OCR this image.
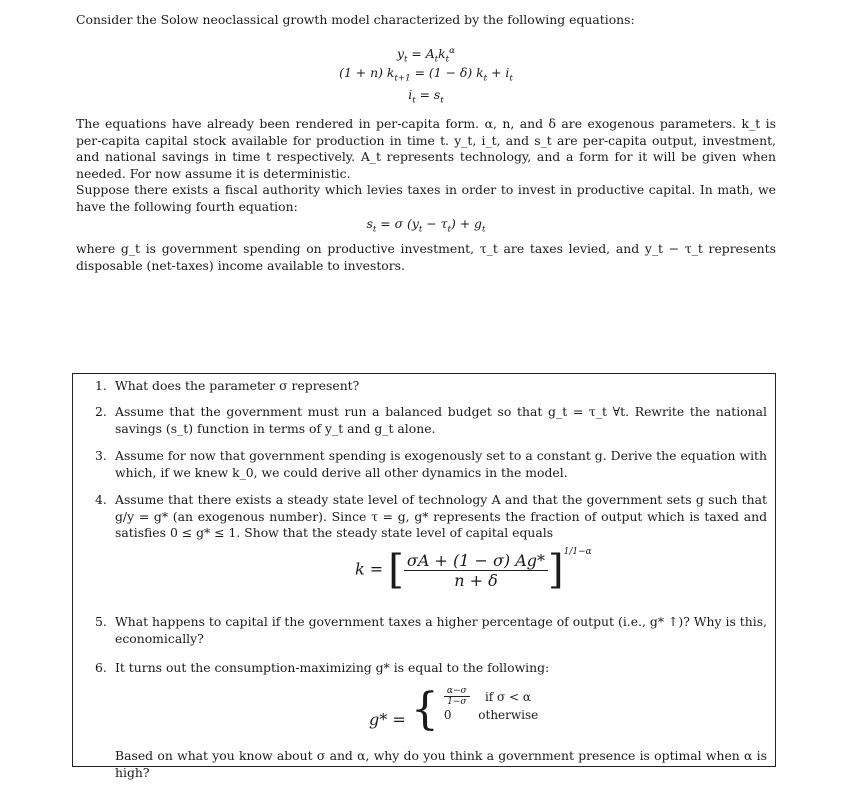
Consider the Solow neoclassical growth model characterized by the following equations:
$y_t = A_tk_t^\alpha$
(1 + n) $k_{t+1} = (1 - \delta) k_t + i_t$
$i_t = s_t$
The equations have already been rendered in per-capita form. α, n, and δ are exogenous parameters. k_t is per-capita capital stock available for production in time t. y_t, i_t, and s_t are per-capita output, investment, and national savings in time t respectively. A_t represents technology, and a form for it will be given when needed. For now assume it is deterministic.
Suppose there exists a fiscal authority which levies taxes in order to invest in productive capital. In math, we have the following fourth equation:
$s_t = \sigma$ $(y_t - \tau_t) + g_t$
where g_t is government spending on productive investment, τ_t are taxes levied, and y_t − τ_t represents disposable (net-taxes) income available to investors.
1. What does the parameter σ represent?
2. Assume that the government must run a balanced budget so that g_t = τ_t ∀t. Rewrite the national savings (s_t) function in terms of y_t and g_t alone.
3. Assume for now that government spending is exogenously set to a constant g. Derive the equation with which, if we knew k_0, we could derive all other dynamics in the model.
4. Assume that there exists a steady state level of technology A and that the government sets g such that g/y = g* (an exogenous number). Since τ = g, g* represents the fraction of output which is taxed and satisfies 0 ≤ g* ≤ 1. Show that the steady state level of capital equals
k = [ $\frac{\sigma A + (1 - \sigma) Ag*}{n + \delta} ]^{1/1-\alpha}$
5. What happens to capital if the government taxes a higher percentage of output (i.e., g* ↑)? Why is this, economically?
6. It turns out the consumption-maximizing g* is equal to the following:
g* = { $\frac{\alpha-\sigma}{1-\sigma}$ if σ < α
0 otherwise
Based on what you know about σ and α, why do you think a government presence is optimal when α is high?
